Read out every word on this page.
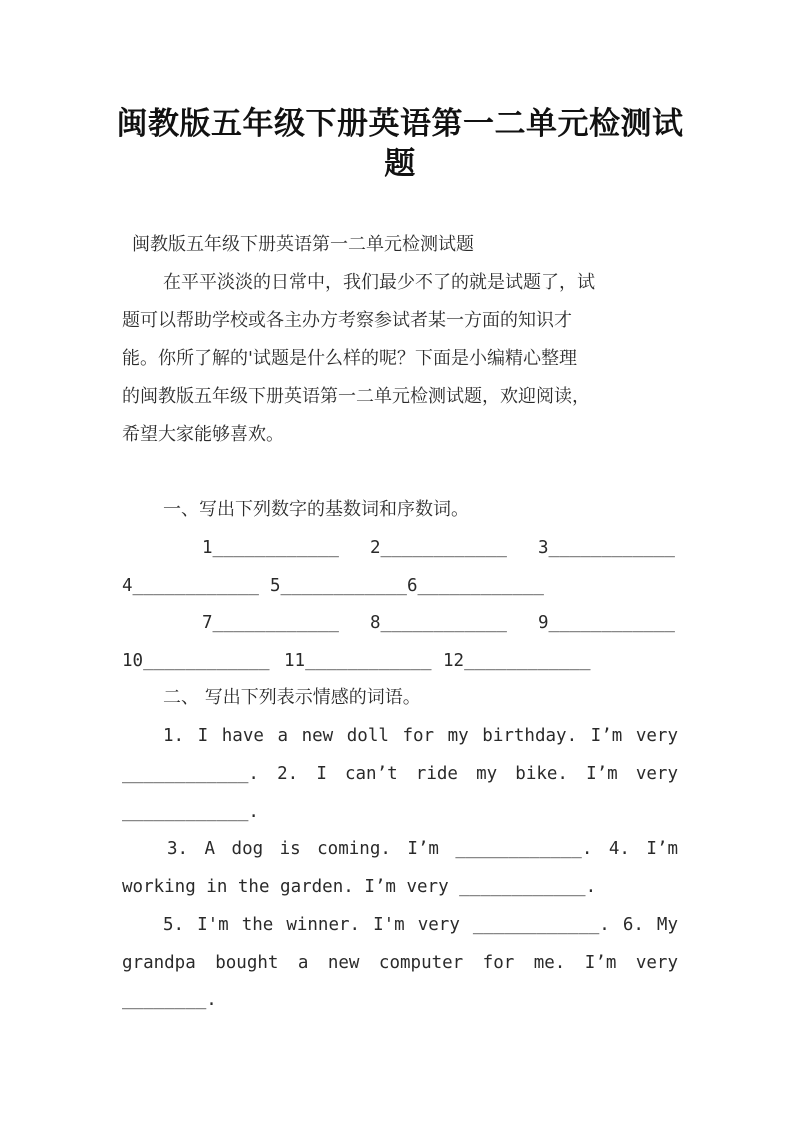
闽教版五年级下册英语第一二单元检测试
题
闽教版五年级下册英语第一二单元检测试题
在平平淡淡的日常中，我们最少不了的就是试题了，试
题可以帮助学校或各主办方考察参试者某一方面的知识才
能。你所了解的'试题是什么样的呢？下面是小编精心整理
的闽教版五年级下册英语第一二单元检测试题，欢迎阅读，
希望大家能够喜欢。
一、写出下列数字的基数词和序数词。
1____________ 2____________ 3____________
4____________ 5____________6____________
7____________ 8____________ 9____________
10____________ 11____________ 12____________
二、 写出下列表示情感的词语。
1. I have a new doll for my birthday. I’m very
____________. 2. I can’t ride my bike. I’m very
____________.
3. A dog is coming. I’m ____________. 4. I’m
working in the garden. I’m very ____________.
5. I'm the winner. I'm very ____________. 6. My
grandpa bought a new computer for me. I’m very
________.
